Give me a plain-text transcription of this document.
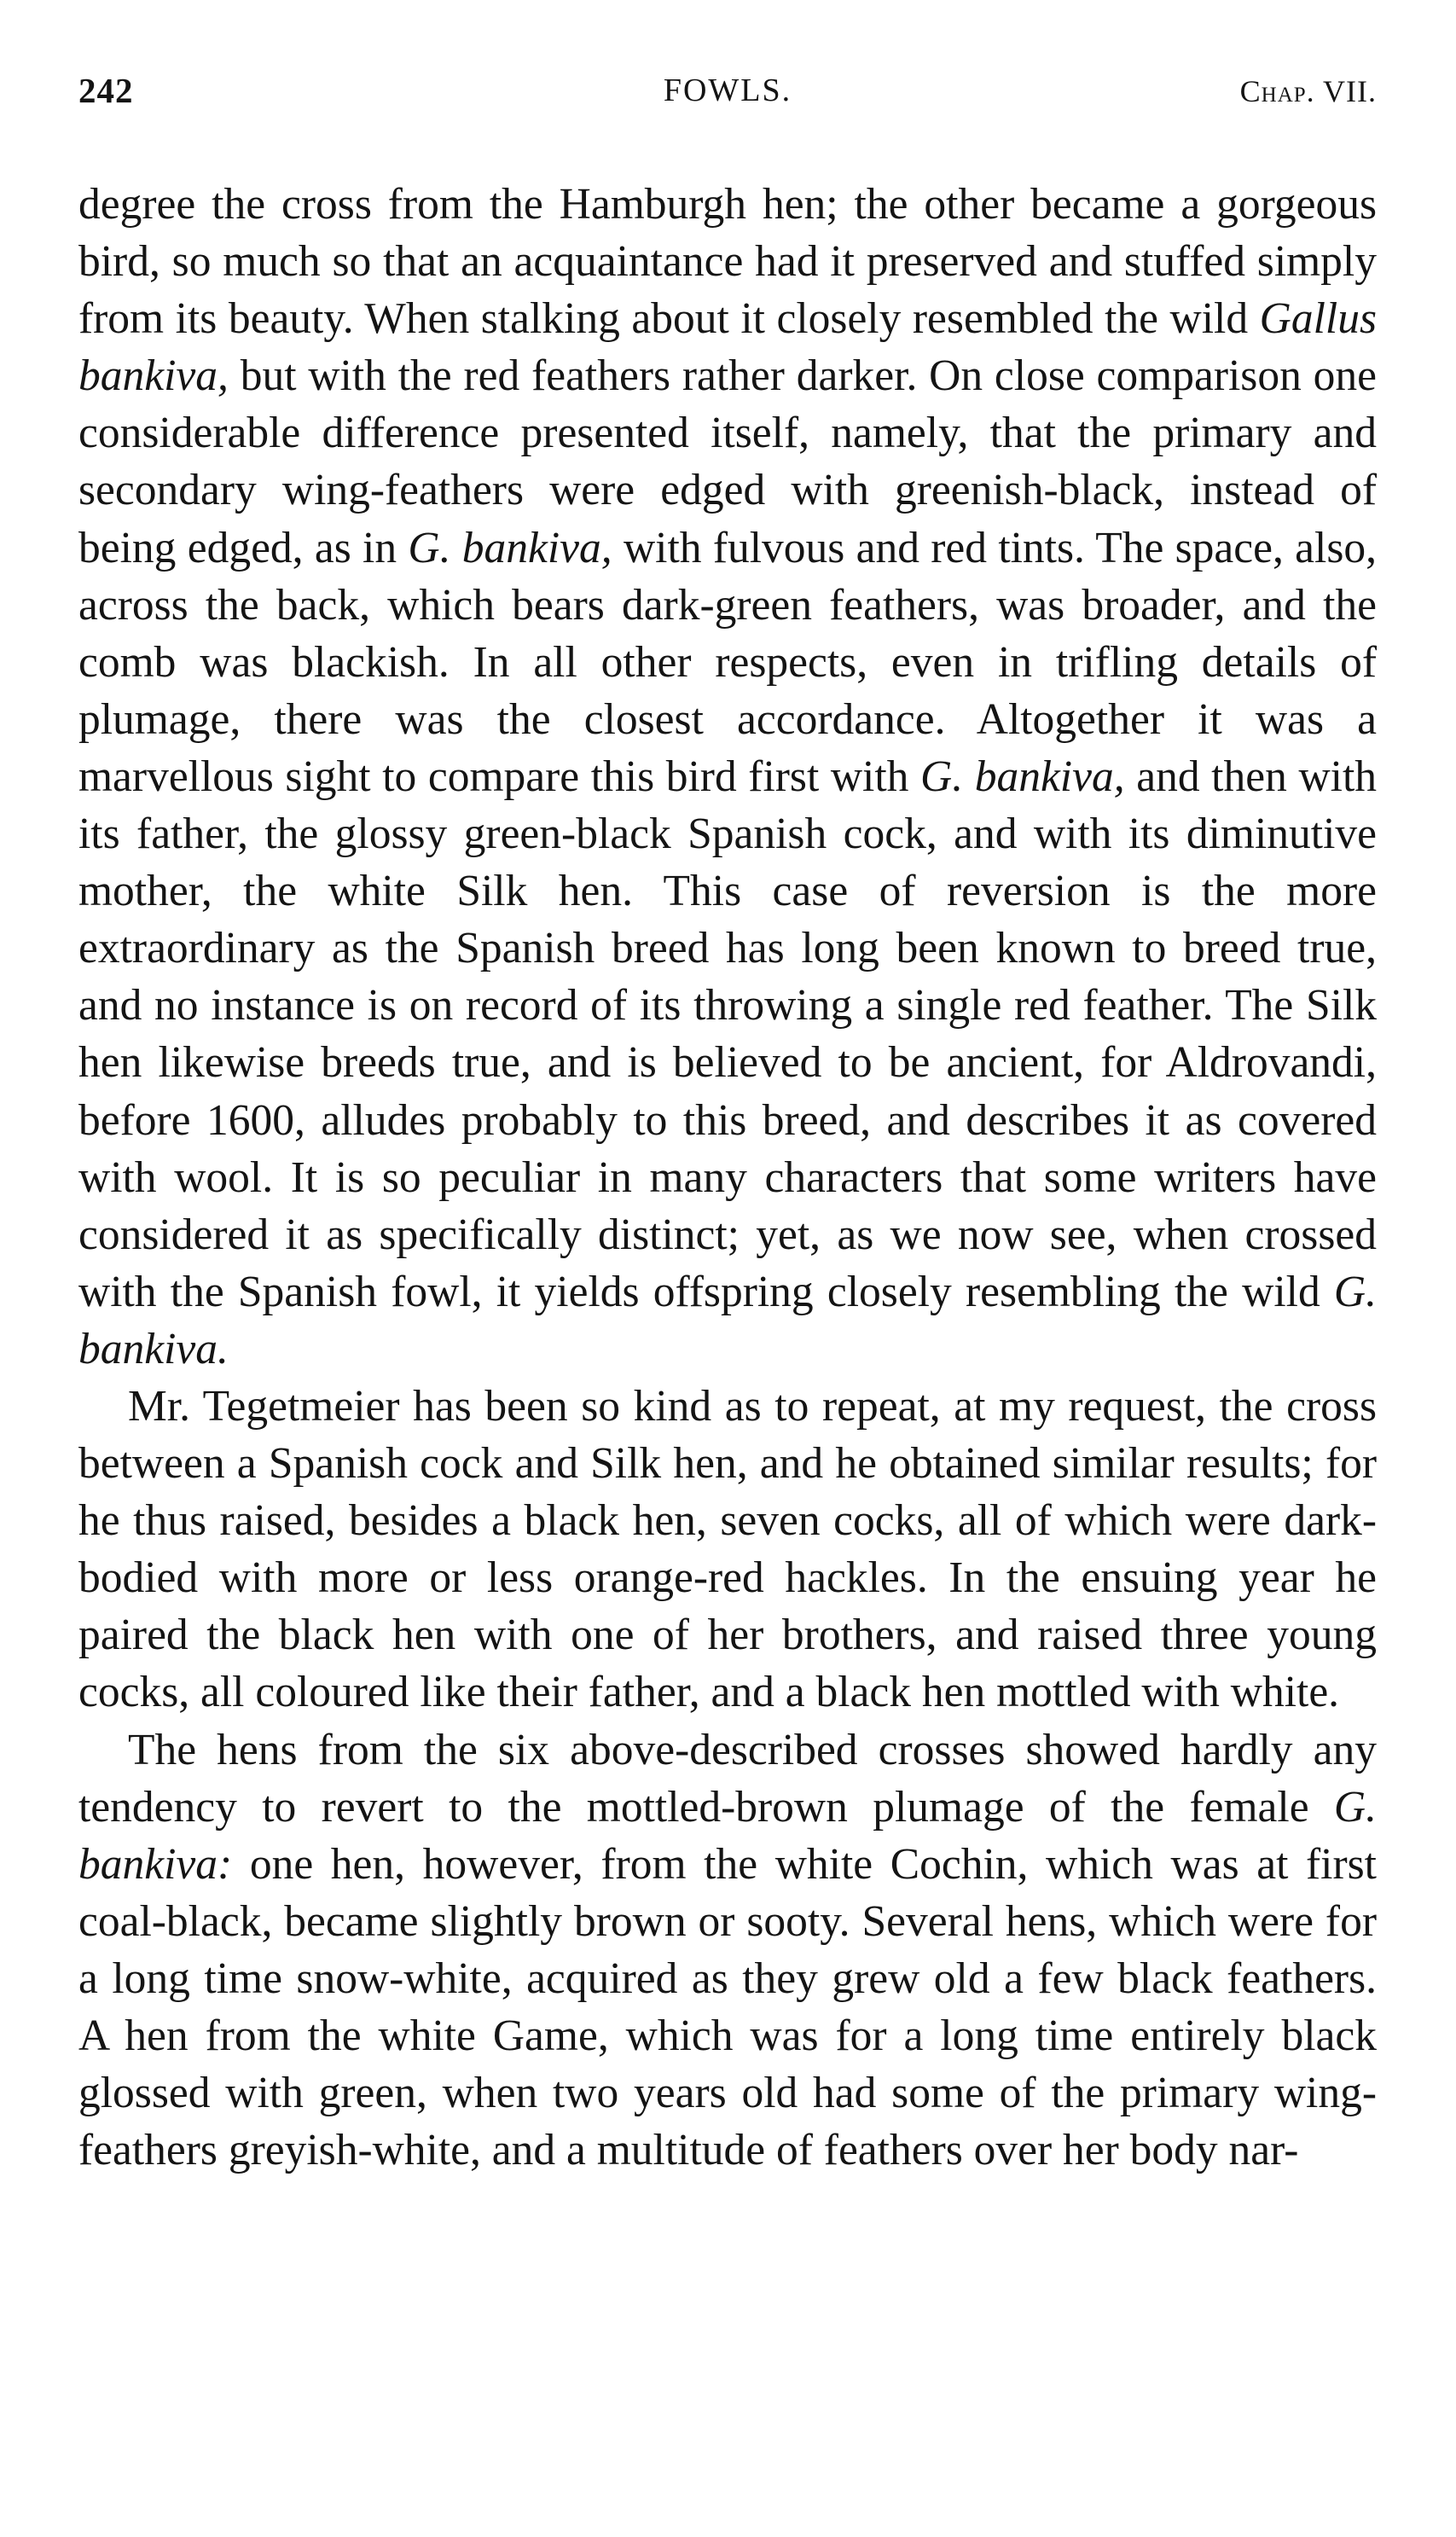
242	FOWLS.	Chap. VII.

degree the cross from the Hamburgh hen; the other became a gorgeous bird, so much so that an acquaintance had it preserved and stuffed simply from its beauty. When stalking about it closely resembled the wild Gallus bankiva, but with the red feathers rather darker. On close comparison one considerable difference presented itself, namely, that the primary and secondary wing-feathers were edged with greenish-black, instead of being edged, as in G. bankiva, with fulvous and red tints. The space, also, across the back, which bears dark-green feathers, was broader, and the comb was blackish. In all other respects, even in trifling details of plumage, there was the closest accordance. Altogether it was a marvellous sight to compare this bird first with G. bankiva, and then with its father, the glossy green-black Spanish cock, and with its diminutive mother, the white Silk hen. This case of reversion is the more extraordinary as the Spanish breed has long been known to breed true, and no instance is on record of its throwing a single red feather. The Silk hen likewise breeds true, and is believed to be ancient, for Aldrovandi, before 1600, alludes probably to this breed, and describes it as covered with wool. It is so peculiar in many characters that some writers have considered it as specifically distinct; yet, as we now see, when crossed with the Spanish fowl, it yields offspring closely resembling the wild G. bankiva.

Mr. Tegetmeier has been so kind as to repeat, at my request, the cross between a Spanish cock and Silk hen, and he obtained similar results; for he thus raised, besides a black hen, seven cocks, all of which were dark-bodied with more or less orange-red hackles. In the ensuing year he paired the black hen with one of her brothers, and raised three young cocks, all coloured like their father, and a black hen mottled with white.

The hens from the six above-described crosses showed hardly any tendency to revert to the mottled-brown plumage of the female G. bankiva: one hen, however, from the white Cochin, which was at first coal-black, became slightly brown or sooty. Several hens, which were for a long time snow-white, acquired as they grew old a few black feathers. A hen from the white Game, which was for a long time entirely black glossed with green, when two years old had some of the primary wing-feathers greyish-white, and a multitude of feathers over her body nar-
